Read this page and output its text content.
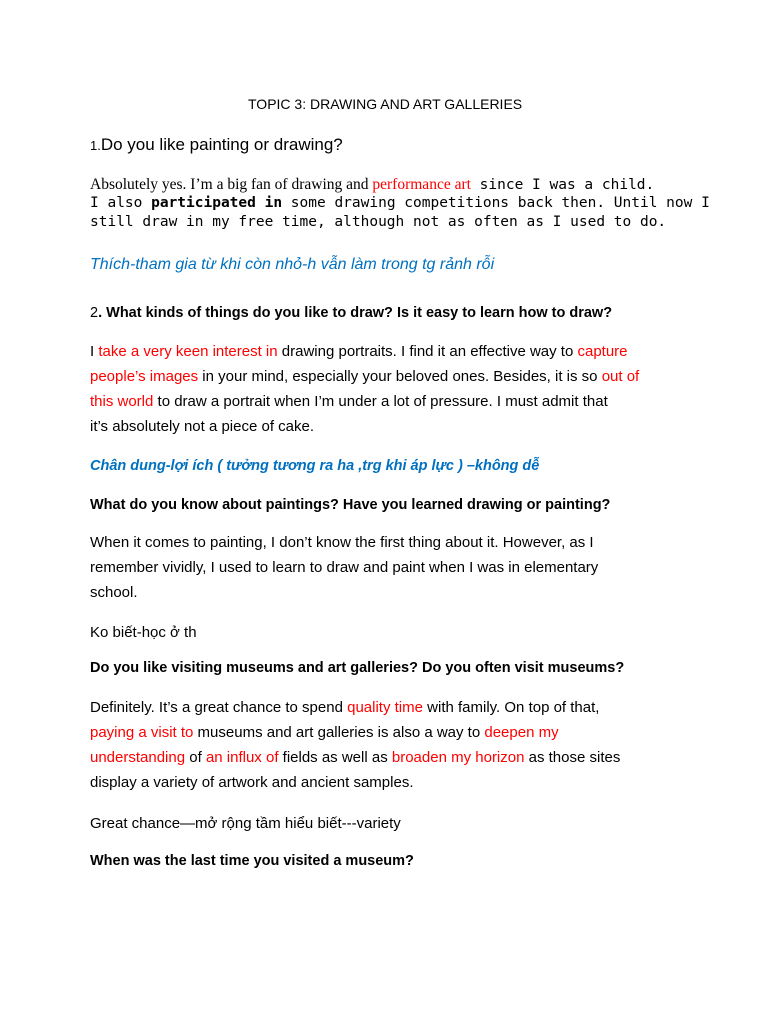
TOPIC 3: DRAWING AND ART GALLERIES
1.Do you like painting or drawing?
Absolutely yes. I’m a big fan of drawing and performance art since I was a child.
I also participated in some drawing competitions back then. Until now I
still draw in my free time, although not as often as I used to do.
Thích-tham gia từ khi còn nhỏ-h vẫn làm trong tg rảnh rỗi
2. What kinds of things do you like to draw? Is it easy to learn how to draw?
I take a very keen interest in drawing portraits. I find it an effective way to capture
people’s images in your mind, especially your beloved ones. Besides, it is so out of
this world to draw a portrait when I’m under a lot of pressure. I must admit that
it’s absolutely not a piece of cake.
Chân dung-lợi ích ( tưởng tương ra ha ,trg khi áp lực ) –không dễ
What do you know about paintings? Have you learned drawing or painting?
When it comes to painting, I don’t know the first thing about it. However, as I
remember vividly, I used to learn to draw and paint when I was in elementary
school.
Ko biết-học ở th
Do you like visiting museums and art galleries? Do you often visit museums?
Definitely. It’s a great chance to spend quality time with family. On top of that,
paying a visit to museums and art galleries is also a way to deepen my
understanding of an influx of fields as well as broaden my horizon as those sites
display a variety of artwork and ancient samples.
Great chance—mở rộng tầm hiểu biết---variety
When was the last time you visited a museum?
